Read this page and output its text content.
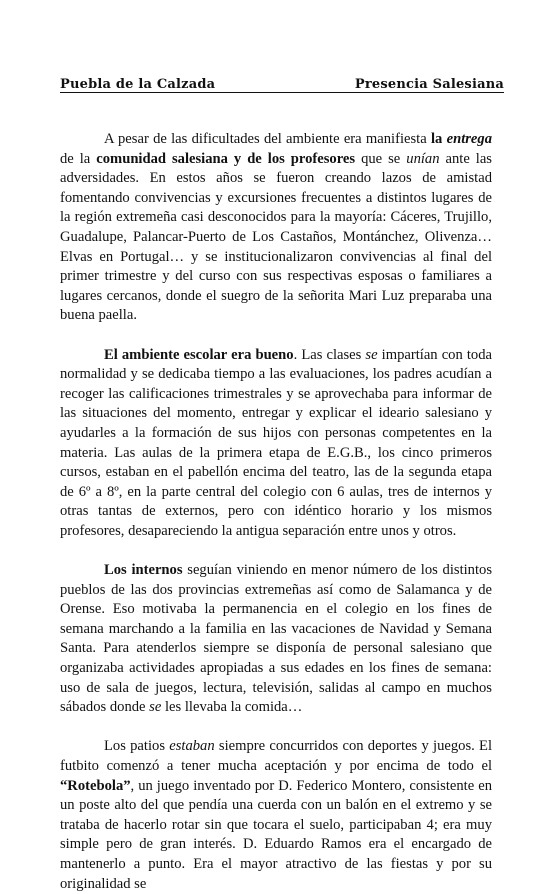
Puebla de la Calzada	Presencia Salesiana

A pesar de las dificultades del ambiente era manifiesta la entrega de la comunidad salesiana y de los profesores que se unían ante las adversidades. En estos años se fueron creando lazos de amistad fomentando convivencias y excursiones frecuentes a distintos lugares de la región extremeña casi desconocidos para la mayoría: Cáceres, Trujillo, Guadalupe, Palancar-Puerto de Los Castaños, Montánchez, Olivenza… Elvas en Portugal… y se institucionalizaron convivencias al final del primer trimestre y del curso con sus respectivas esposas o familiares a lugares cercanos, donde el suegro de la señorita Mari Luz preparaba una buena paella.

El ambiente escolar era bueno. Las clases se impartían con toda normalidad y se dedicaba tiempo a las evaluaciones, los padres acudían a recoger las calificaciones trimestrales y se aprovechaba para informar de las situaciones del momento, entregar y explicar el ideario salesiano y ayudarles a la formación de sus hijos con personas competentes en la materia. Las aulas de la primera etapa de E.G.B., los cinco primeros cursos, estaban en el pabellón encima del teatro, las de la segunda etapa de 6º a 8º, en la parte central del colegio con 6 aulas, tres de internos y otras tantas de externos, pero con idéntico horario y los mismos profesores, desapareciendo la antigua separación entre unos y otros.

Los internos seguían viniendo en menor número de los distintos pueblos de las dos provincias extremeñas así como de Salamanca y de Orense. Eso motivaba la permanencia en el colegio en los fines de semana marchando a la familia en las vacaciones de Navidad y Semana Santa. Para atenderlos siempre se disponía de personal salesiano que organizaba actividades apropiadas a sus edades en los fines de semana: uso de sala de juegos, lectura, televisión, salidas al campo en muchos sábados donde se les llevaba la comida…

Los patios estaban siempre concurridos con deportes y juegos. El futbito comenzó a tener mucha aceptación y por encima de todo el “Rotebola”, un juego inventado por D. Federico Montero, consistente en un poste alto del que pendía una cuerda con un balón en el extremo y se trataba de hacerlo rotar sin que tocara el suelo, participaban 4; era muy simple pero de gran interés. D. Eduardo Ramos era el encargado de mantenerlo a punto. Era el mayor atractivo de las fiestas y por su originalidad se
